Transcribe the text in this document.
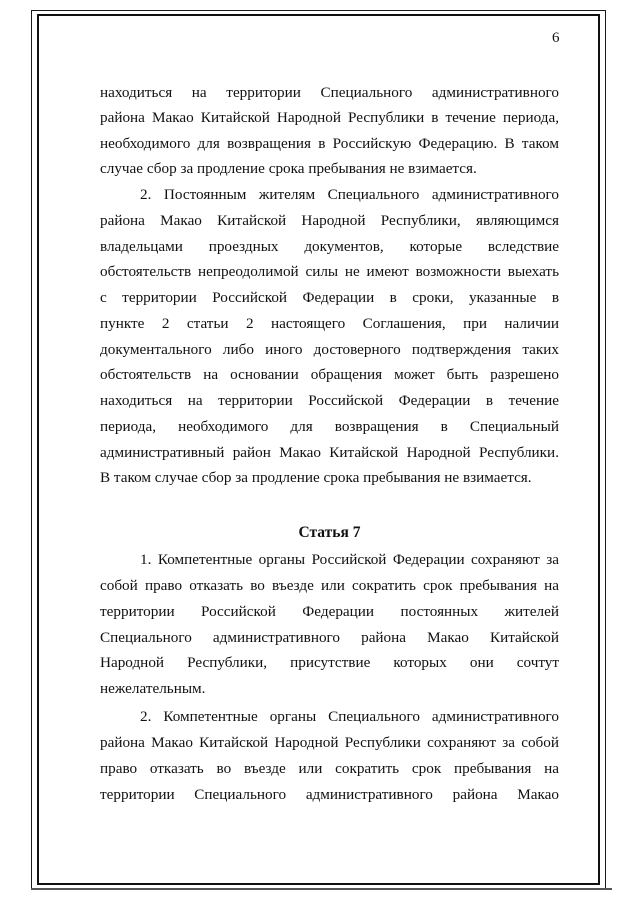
6
находиться на территории Специального административного
района Макао Китайской Народной Республики в течение периода,
необходимого для возвращения в Российскую Федерацию. В таком
случае сбор за продление срока пребывания не взимается.
2. Постоянным жителям Специального административного
района Макао Китайской Народной Республики, являющимся
владельцами проездных документов, которые вследствие
обстоятельств непреодолимой силы не имеют возможности выехать
с территории Российской Федерации в сроки, указанные в
пункте 2 статьи 2 настоящего Соглашения, при наличии
документального либо иного достоверного подтверждения таких
обстоятельств на основании обращения может быть разрешено
находиться на территории Российской Федерации в течение
периода, необходимого для возвращения в Специальный
административный район Макао Китайской Народной Республики.
В таком случае сбор за продление срока пребывания не взимается.
Статья 7
1. Компетентные органы Российской Федерации сохраняют за
собой право отказать во въезде или сократить срок пребывания на
территории Российской Федерации постоянных жителей
Специального административного района Макао Китайской
Народной Республики, присутствие которых они сочтут
нежелательным.
2. Компетентные органы Специального административного
района Макао Китайской Народной Республики сохраняют за собой
право отказать во въезде или сократить срок пребывания на
территории Специального административного района Макао
